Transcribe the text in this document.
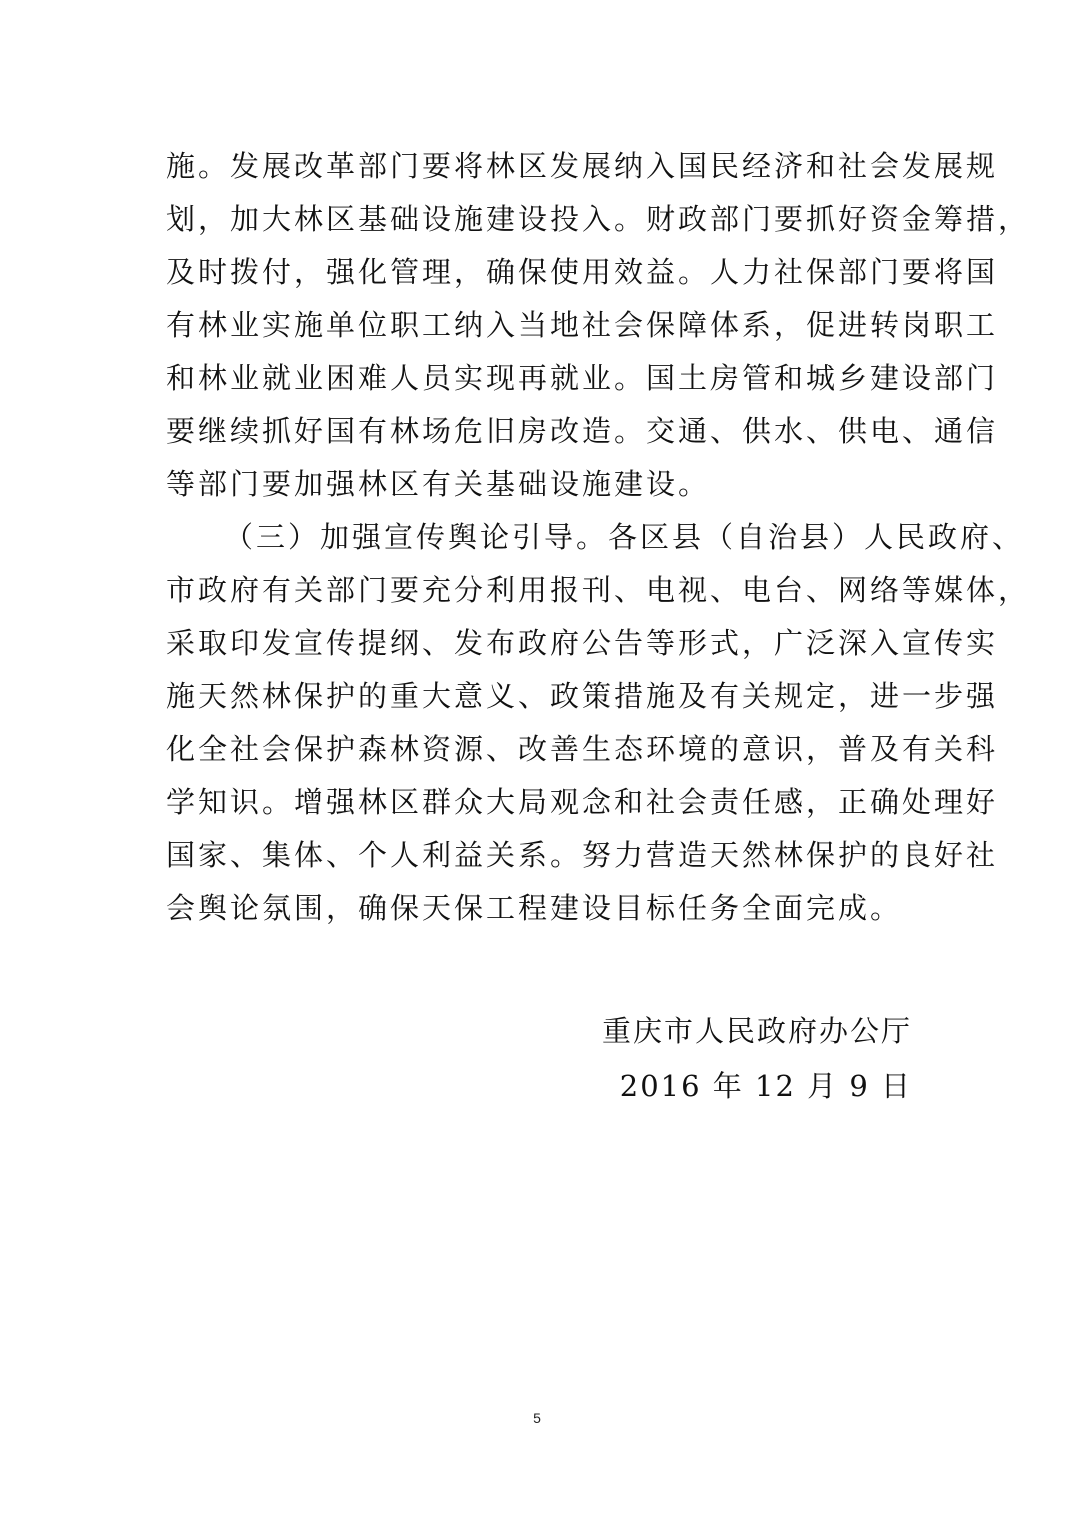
施。发展改革部门要将林区发展纳入国民经济和社会发展规
划，加大林区基础设施建设投入。财政部门要抓好资金筹措，
及时拨付，强化管理，确保使用效益。人力社保部门要将国
有林业实施单位职工纳入当地社会保障体系，促进转岗职工
和林业就业困难人员实现再就业。国土房管和城乡建设部门
要继续抓好国有林场危旧房改造。交通、供水、供电、通信
等部门要加强林区有关基础设施建设。
（三）加强宣传舆论引导。各区县（自治县）人民政府、
市政府有关部门要充分利用报刊、电视、电台、网络等媒体，
采取印发宣传提纲、发布政府公告等形式，广泛深入宣传实
施天然林保护的重大意义、政策措施及有关规定，进一步强
化全社会保护森林资源、改善生态环境的意识，普及有关科
学知识。增强林区群众大局观念和社会责任感，正确处理好
国家、集体、个人利益关系。努力营造天然林保护的良好社
会舆论氛围，确保天保工程建设目标任务全面完成。
重庆市人民政府办公厅
2016 年 12 月 9 日
5
